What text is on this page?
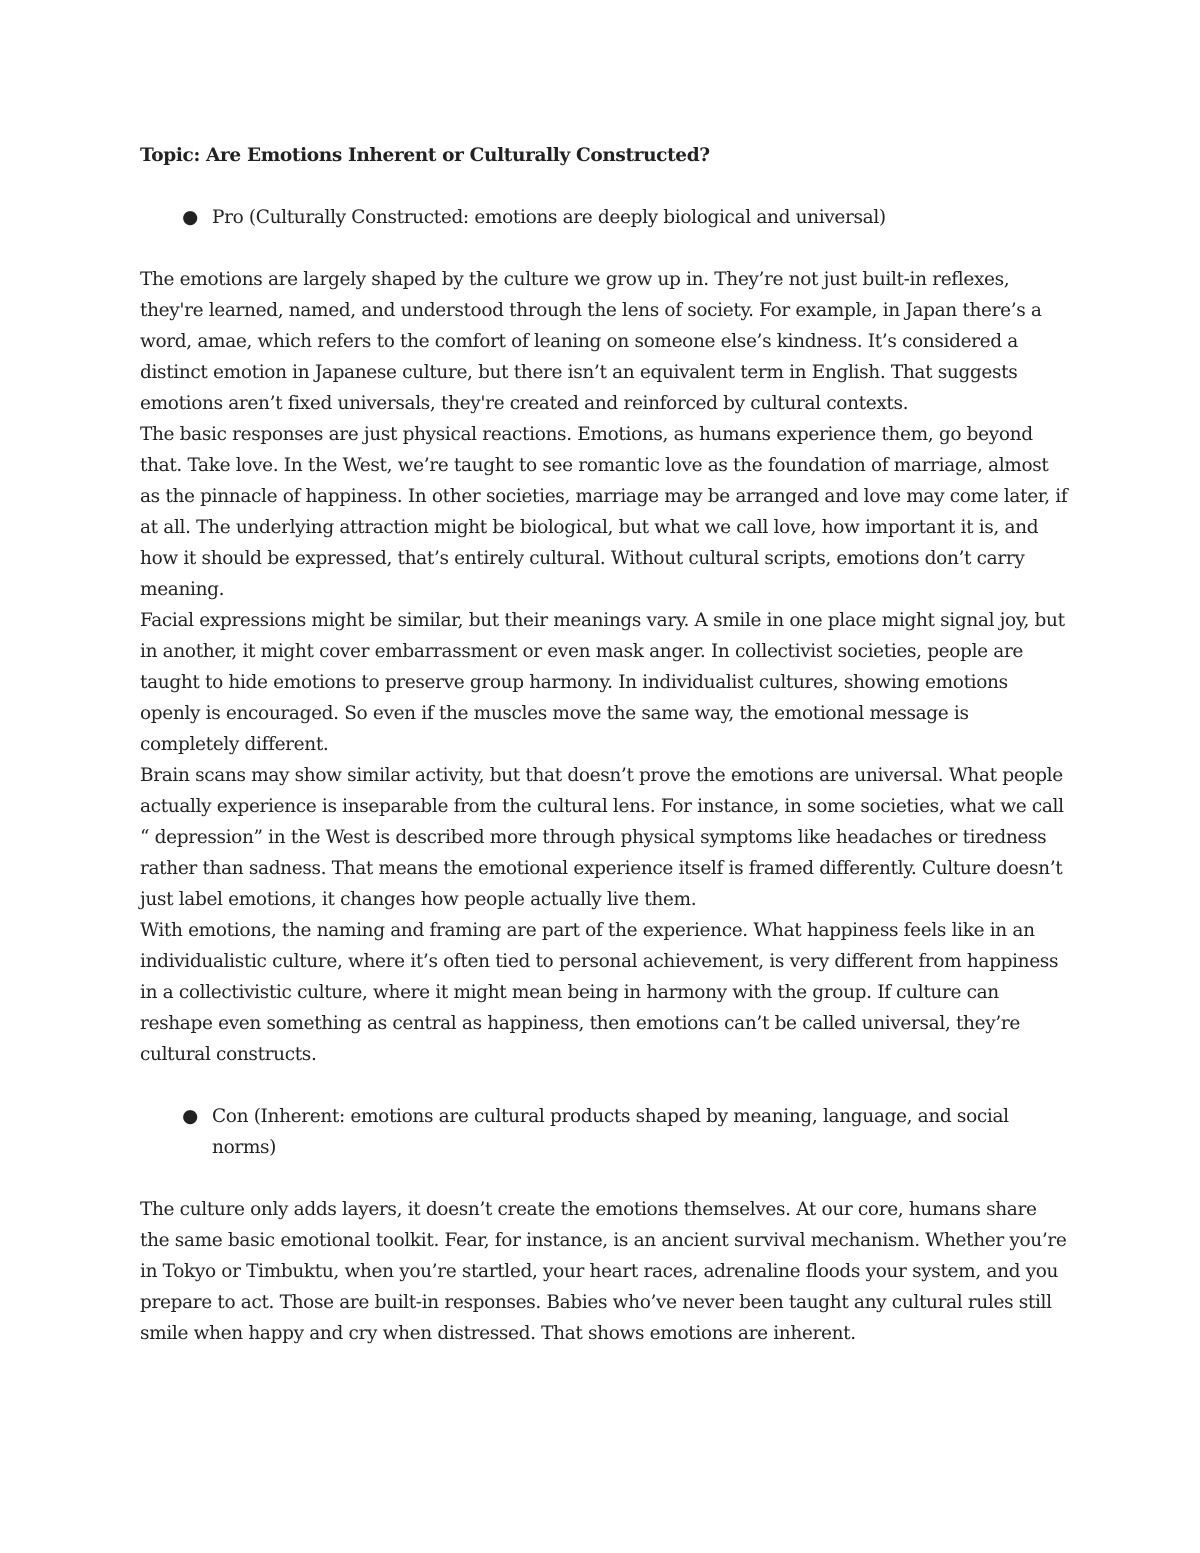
Topic: Are Emotions Inherent or Culturally Constructed?

● Pro (Culturally Constructed: emotions are deeply biological and universal)

The emotions are largely shaped by the culture we grow up in. They’re not just built-in reflexes, they're learned, named, and understood through the lens of society. For example, in Japan there’s a word, amae, which refers to the comfort of leaning on someone else’s kindness. It’s considered a distinct emotion in Japanese culture, but there isn’t an equivalent term in English. That suggests emotions aren’t fixed universals, they're created and reinforced by cultural contexts.

The basic responses are just physical reactions. Emotions, as humans experience them, go beyond that. Take love. In the West, we’re taught to see romantic love as the foundation of marriage, almost as the pinnacle of happiness. In other societies, marriage may be arranged and love may come later, if at all. The underlying attraction might be biological, but what we call love, how important it is, and how it should be expressed, that’s entirely cultural. Without cultural scripts, emotions don’t carry meaning.

Facial expressions might be similar, but their meanings vary. A smile in one place might signal joy, but in another, it might cover embarrassment or even mask anger. In collectivist societies, people are taught to hide emotions to preserve group harmony. In individualist cultures, showing emotions openly is encouraged. So even if the muscles move the same way, the emotional message is completely different.

Brain scans may show similar activity, but that doesn’t prove the emotions are universal. What people actually experience is inseparable from the cultural lens. For instance, in some societies, what we call “ depression” in the West is described more through physical symptoms like headaches or tiredness rather than sadness. That means the emotional experience itself is framed differently. Culture doesn’t just label emotions, it changes how people actually live them.

With emotions, the naming and framing are part of the experience. What happiness feels like in an individualistic culture, where it’s often tied to personal achievement, is very different from happiness in a collectivistic culture, where it might mean being in harmony with the group. If culture can reshape even something as central as happiness, then emotions can’t be called universal, they’re cultural constructs.

● Con (Inherent: emotions are cultural products shaped by meaning, language, and social norms)

The culture only adds layers, it doesn’t create the emotions themselves. At our core, humans share the same basic emotional toolkit. Fear, for instance, is an ancient survival mechanism. Whether you’re in Tokyo or Timbuktu, when you’re startled, your heart races, adrenaline floods your system, and you prepare to act. Those are built-in responses. Babies who’ve never been taught any cultural rules still smile when happy and cry when distressed. That shows emotions are inherent.
